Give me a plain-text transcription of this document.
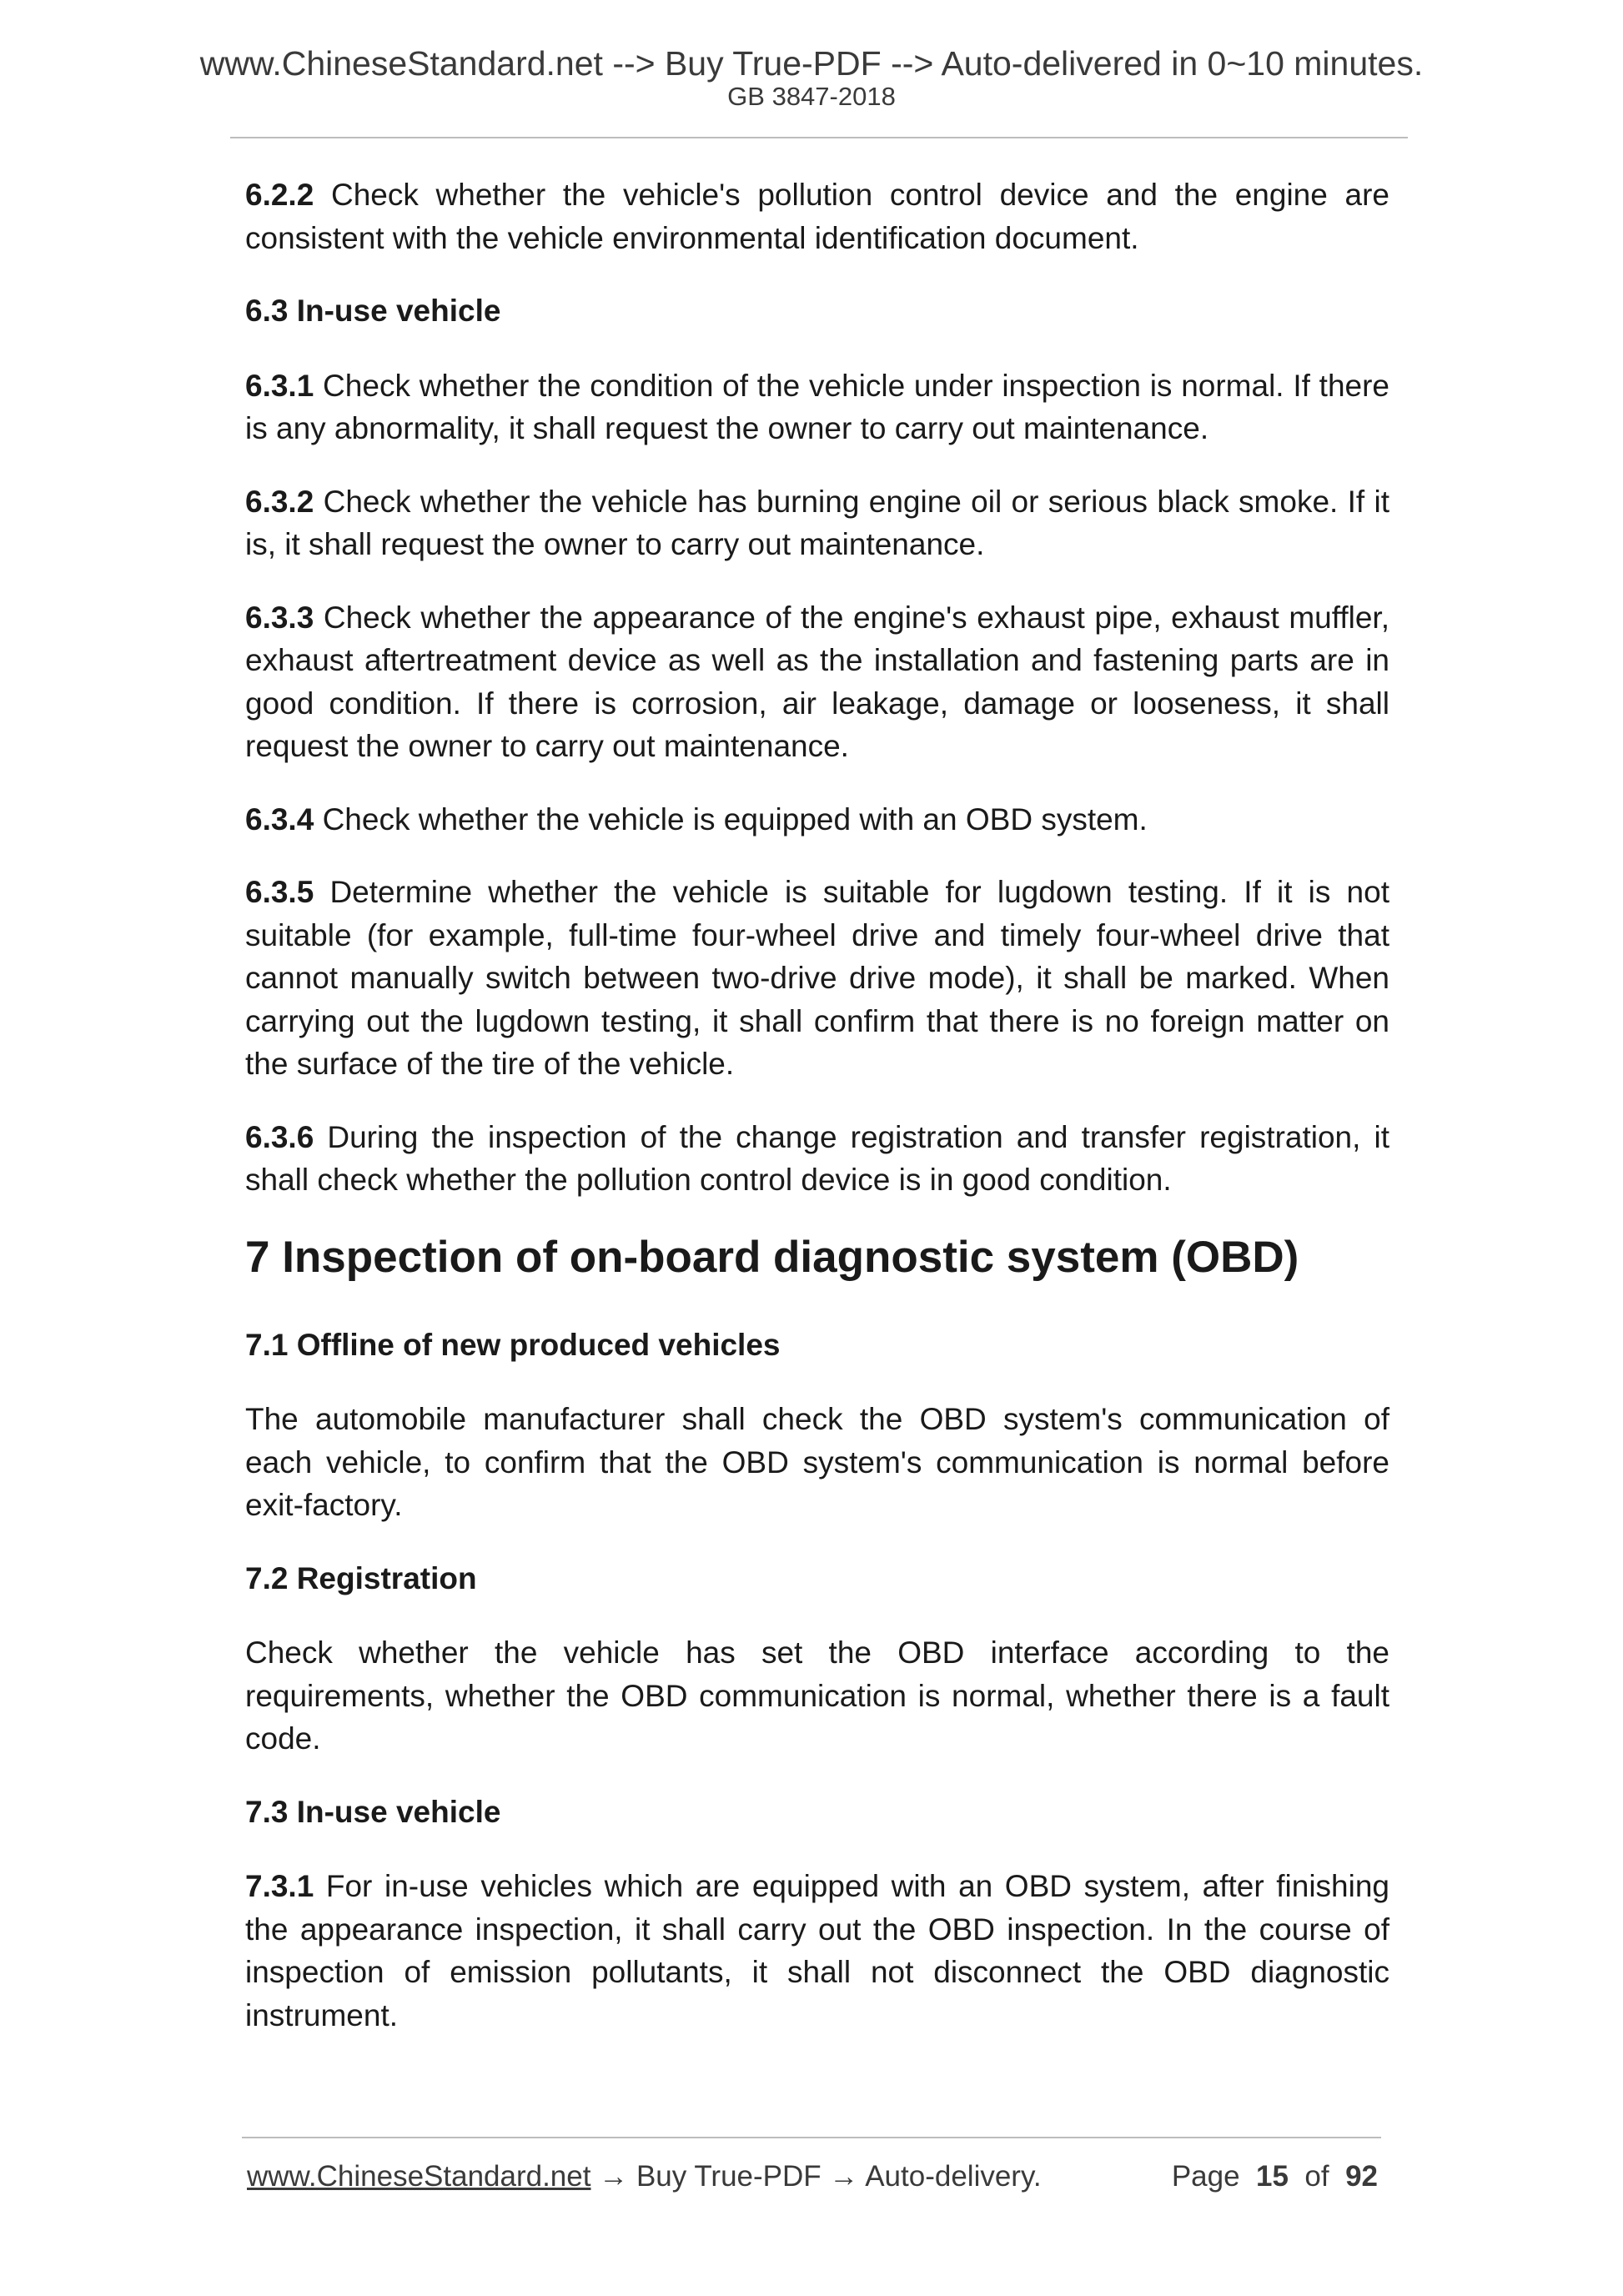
www.ChineseStandard.net --> Buy True-PDF --> Auto-delivered in 0~10 minutes.
GB 3847-2018

6.2.2 Check whether the vehicle's pollution control device and the engine are consistent with the vehicle environmental identification document.

6.3 In-use vehicle

6.3.1 Check whether the condition of the vehicle under inspection is normal. If there is any abnormality, it shall request the owner to carry out maintenance.

6.3.2 Check whether the vehicle has burning engine oil or serious black smoke. If it is, it shall request the owner to carry out maintenance.

6.3.3 Check whether the appearance of the engine's exhaust pipe, exhaust muffler, exhaust aftertreatment device as well as the installation and fastening parts are in good condition. If there is corrosion, air leakage, damage or looseness, it shall request the owner to carry out maintenance.

6.3.4 Check whether the vehicle is equipped with an OBD system.

6.3.5 Determine whether the vehicle is suitable for lugdown testing. If it is not suitable (for example, full-time four-wheel drive and timely four-wheel drive that cannot manually switch between two-drive drive mode), it shall be marked. When carrying out the lugdown testing, it shall confirm that there is no foreign matter on the surface of the tire of the vehicle.

6.3.6 During the inspection of the change registration and transfer registration, it shall check whether the pollution control device is in good condition.

7 Inspection of on-board diagnostic system (OBD)
7.1 Offline of new produced vehicles

The automobile manufacturer shall check the OBD system's communication of each vehicle, to confirm that the OBD system's communication is normal before exit-factory.

7.2 Registration

Check whether the vehicle has set the OBD interface according to the requirements, whether the OBD communication is normal, whether there is a fault code.

7.3 In-use vehicle

7.3.1 For in-use vehicles which are equipped with an OBD system, after finishing the appearance inspection, it shall carry out the OBD inspection. In the course of inspection of emission pollutants, it shall not disconnect the OBD diagnostic instrument.

www.ChineseStandard.net → Buy True-PDF → Auto-delivery.	Page 15 of 92
